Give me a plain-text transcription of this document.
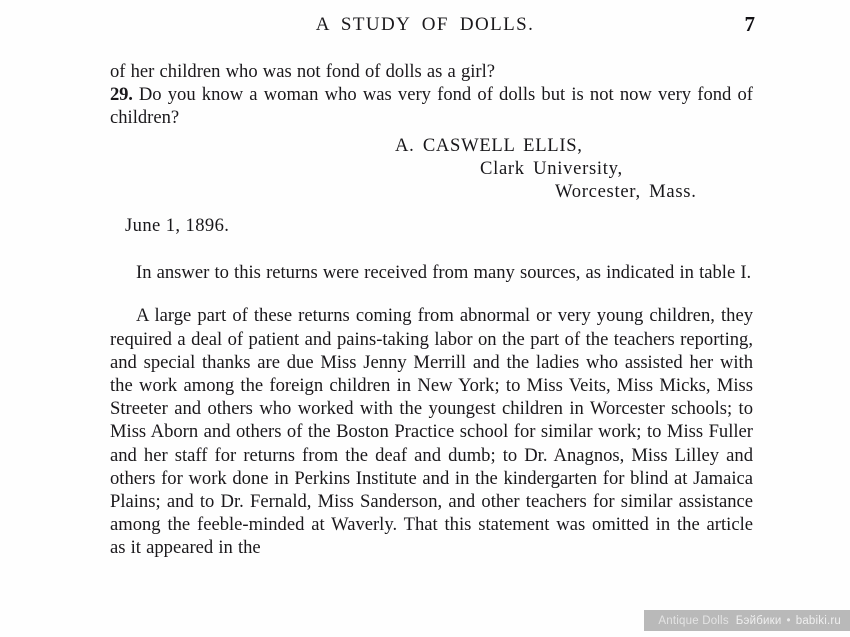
A STUDY OF DOLLS.	7

of her children who was not fond of dolls as a girl?

29. Do you know a woman who was very fond of dolls but is not now very fond of children?

A. CASWELL ELLIS,
Clark University,
Worcester, Mass.
June 1, 1896.

In answer to this returns were received from many sources, as indicated in table I.

A large part of these returns coming from abnormal or very young children, they required a deal of patient and pains-taking labor on the part of the teachers reporting, and special thanks are due Miss Jenny Merrill and the ladies who assisted her with the work among the foreign children in New York; to Miss Veits, Miss Micks, Miss Streeter and others who worked with the youngest children in Worcester schools; to Miss Aborn and others of the Boston Practice school for similar work; to Miss Fuller and her staff for returns from the deaf and dumb; to Dr. Anagnos, Miss Lilley and others for work done in Perkins Institute and in the kindergarten for blind at Jamaica Plains; and to Dr. Fernald, Miss Sanderson, and other teachers for similar assistance among the feeble-minded at Waverly. That this statement was omitted in the article as it appeared in the

Antique Dolls Бэйбики • babiki.ru
